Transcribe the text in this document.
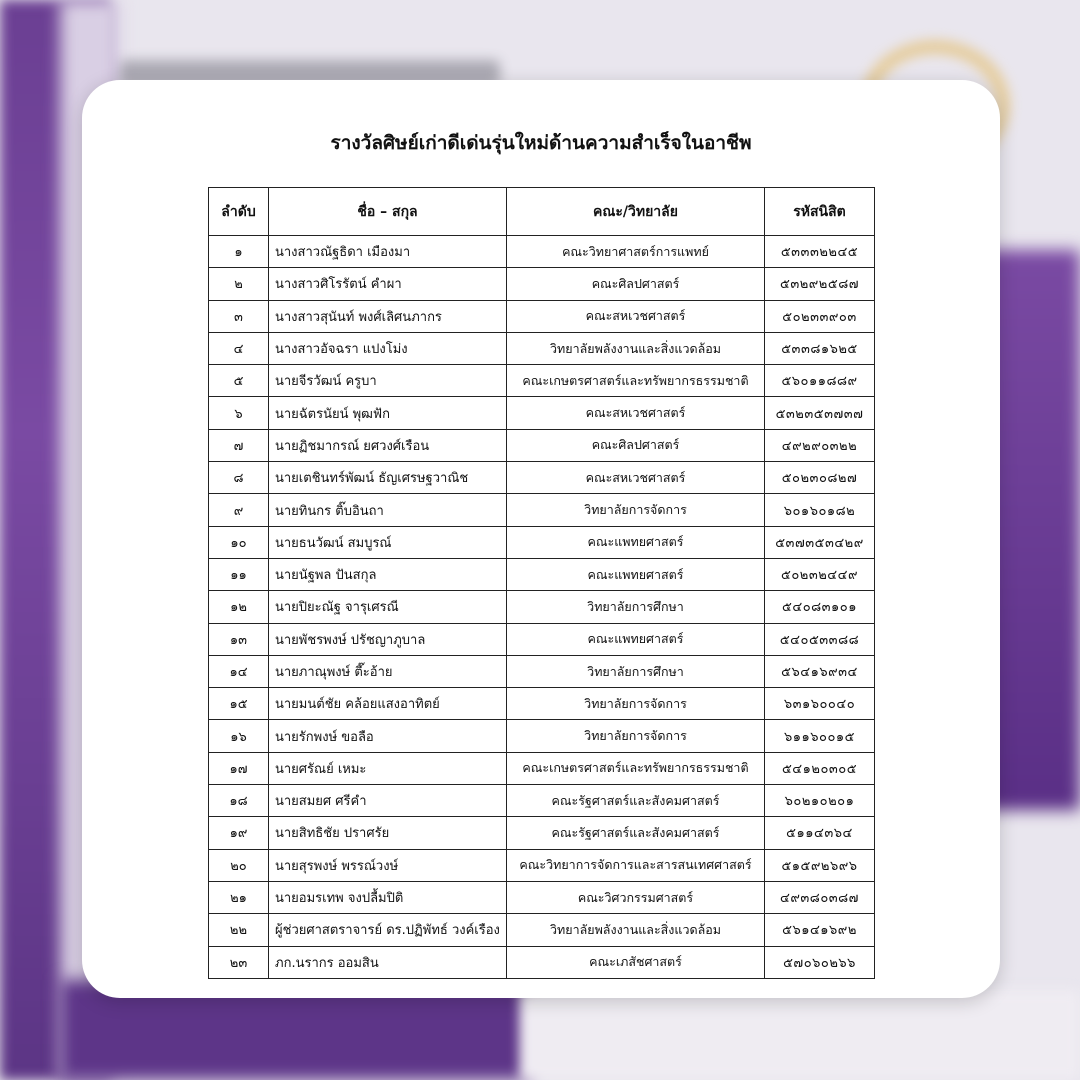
รางวัลศิษย์เก่าดีเด่นรุ่นใหม่ด้านความสำเร็จในอาชีพ
ลำดับ	ชื่อ – สกุล	คณะ/วิทยาลัย	รหัสนิสิต
๑	นางสาวณัฐธิดา เมืองมา	คณะวิทยาศาสตร์การแพทย์	๕๓๓๓๒๒๔๕
๒	นางสาวศิโรรัตน์ คำผา	คณะศิลปศาสตร์	๕๓๒๙๒๕๘๗
๓	นางสาวสุนันท์ พงศ์เลิศนภากร	คณะสหเวชศาสตร์	๕๐๒๓๓๙๐๓
๔	นางสาวอัจฉรา แปงโม่ง	วิทยาลัยพลังงานและสิ่งแวดล้อม	๕๓๓๘๑๖๒๕
๕	นายจีรวัฒน์ ครูบา	คณะเกษตรศาสตร์และทรัพยากรธรรมชาติ	๕๖๐๑๑๘๘๙
๖	นายฉัตรนัยน์ พุฒฟัก	คณะสหเวชศาสตร์	๕๓๒๓๕๓๗๓๗
๗	นายฏิชมากรณ์ ยศวงศ์เรือน	คณะศิลปศาสตร์	๔๙๒๙๐๓๒๒
๘	นายเตชินทร์พัฒน์ ธัญเศรษฐวาณิช	คณะสหเวชศาสตร์	๕๐๒๓๐๘๒๗
๙	นายทินกร ติ๊บอินถา	วิทยาลัยการจัดการ	๖๐๑๖๐๑๘๒
๑๐	นายธนวัฒน์ สมบูรณ์	คณะแพทยศาสตร์	๕๓๗๓๕๓๔๒๙
๑๑	นายนัฐพล ปันสกุล	คณะแพทยศาสตร์	๕๐๒๓๒๔๔๙
๑๒	นายปิยะณัฐ จารุเศรณี	วิทยาลัยการศึกษา	๕๔๐๘๓๑๐๑
๑๓	นายพัชรพงษ์ ปรัชญาภูบาล	คณะแพทยศาสตร์	๕๔๐๕๓๓๘๘
๑๔	นายภาณุพงษ์ ตี๊ะอ้าย	วิทยาลัยการศึกษา	๕๖๔๑๖๙๓๔
๑๕	นายมนต์ชัย คล้อยแสงอาทิตย์	วิทยาลัยการจัดการ	๖๓๑๖๐๐๔๐
๑๖	นายรักพงษ์ ขอลือ	วิทยาลัยการจัดการ	๖๑๑๖๐๐๑๕
๑๗	นายศรัณย์ เหมะ	คณะเกษตรศาสตร์และทรัพยากรธรรมชาติ	๕๔๑๒๐๓๐๕
๑๘	นายสมยศ ศรีคำ	คณะรัฐศาสตร์และสังคมศาสตร์	๖๐๒๑๐๒๐๑
๑๙	นายสิทธิชัย ปราศรัย	คณะรัฐศาสตร์และสังคมศาสตร์	๕๑๑๔๓๖๔
๒๐	นายสุรพงษ์ พรรณ์วงษ์	คณะวิทยาการจัดการและสารสนเทศศาสตร์	๕๑๕๙๒๖๙๖
๒๑	นายอมรเทพ จงปลื้มปิติ	คณะวิศวกรรมศาสตร์	๔๙๓๘๐๓๘๗
๒๒	ผู้ช่วยศาสตราจารย์ ดร.ปฏิพัทธ์ วงค์เรือง	วิทยาลัยพลังงานและสิ่งแวดล้อม	๕๖๑๔๑๖๙๒
๒๓	ภก.นรากร ออมสิน	คณะเภสัชศาสตร์	๕๗๐๖๐๒๖๖
